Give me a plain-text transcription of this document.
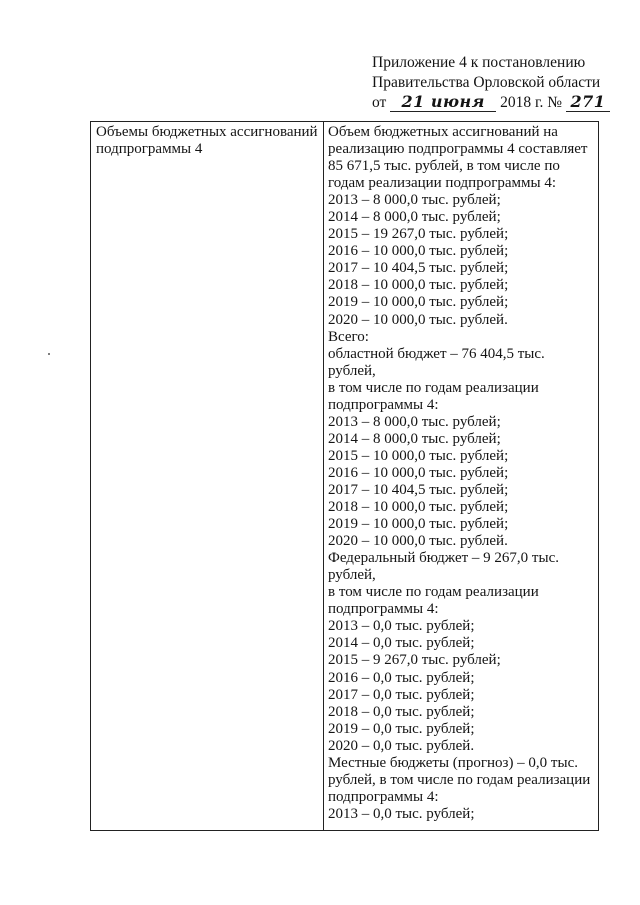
Приложение 4 к постановлению
Правительства Орловской области
от 21 июня 2018 г. № 271
Объемы бюджетных ассигнований подпрограммы 4
Объем бюджетных ассигнований на
реализацию подпрограммы 4 составляет
85 671,5 тыс. рублей, в том числе по
годам реализации подпрограммы 4:
2013 – 8 000,0 тыс. рублей;
2014 – 8 000,0 тыс. рублей;
2015 – 19 267,0 тыс. рублей;
2016 – 10 000,0 тыс. рублей;
2017 – 10 404,5 тыс. рублей;
2018 – 10 000,0 тыс. рублей;
2019 – 10 000,0 тыс. рублей;
2020 – 10 000,0 тыс. рублей.
Всего:
областной бюджет – 76 404,5 тыс.
рублей,
в том числе по годам реализации
подпрограммы 4:
2013 – 8 000,0 тыс. рублей;
2014 – 8 000,0 тыс. рублей;
2015 – 10 000,0 тыс. рублей;
2016 – 10 000,0 тыс. рублей;
2017 – 10 404,5 тыс. рублей;
2018 – 10 000,0 тыс. рублей;
2019 – 10 000,0 тыс. рублей;
2020 – 10 000,0 тыс. рублей.
Федеральный бюджет – 9 267,0 тыс.
рублей,
в том числе по годам реализации
подпрограммы 4:
2013 – 0,0 тыс. рублей;
2014 – 0,0 тыс. рублей;
2015 – 9 267,0 тыс. рублей;
2016 – 0,0 тыс. рублей;
2017 – 0,0 тыс. рублей;
2018 – 0,0 тыс. рублей;
2019 – 0,0 тыс. рублей;
2020 – 0,0 тыс. рублей.
Местные бюджеты (прогноз) – 0,0 тыс.
рублей, в том числе по годам реализации
подпрограммы 4:
2013 – 0,0 тыс. рублей;
